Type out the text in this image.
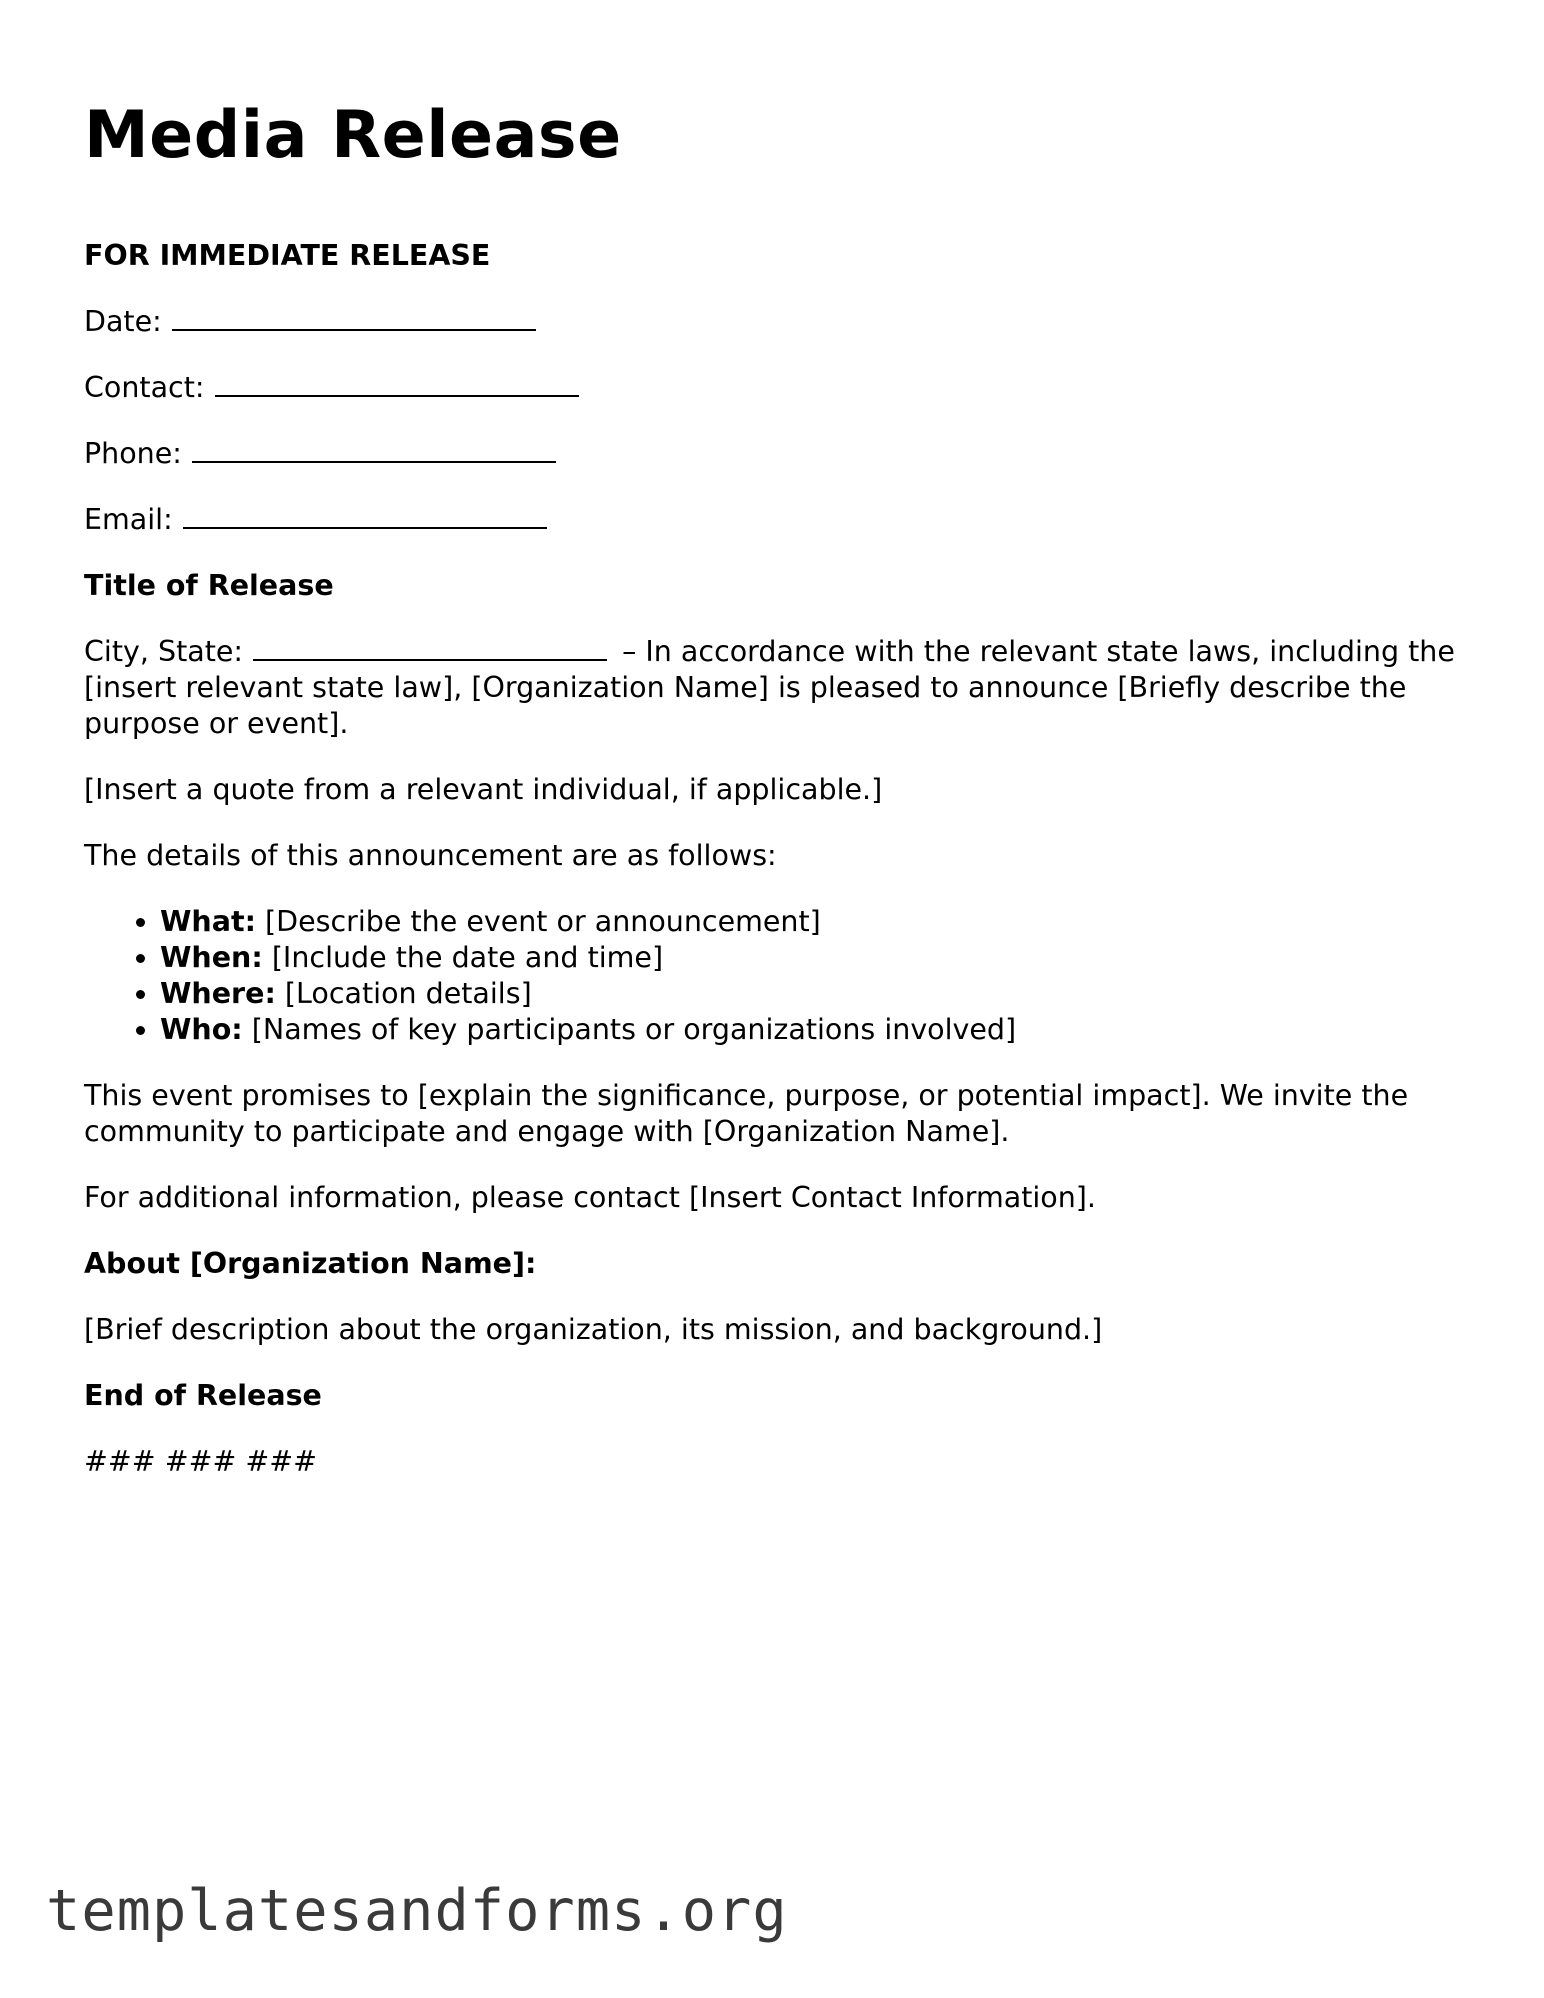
Media Release

FOR IMMEDIATE RELEASE

Date:

Contact:

Phone:

Email:

Title of Release

City, State:	– In accordance with the relevant state laws, including the [insert relevant state law], [Organization Name] is pleased to announce [Briefly describe the purpose or event].

[Insert a quote from a relevant individual, if applicable.]

The details of this announcement are as follows:

• What: [Describe the event or announcement]
• When: [Include the date and time]
• Where: [Location details]
• Who: [Names of key participants or organizations involved]

This event promises to [explain the significance, purpose, or potential impact]. We invite the community to participate and engage with [Organization Name].

For additional information, please contact [Insert Contact Information].

About [Organization Name]:

[Brief description about the organization, its mission, and background.]

End of Release

### ### ###

templatesandforms.org
